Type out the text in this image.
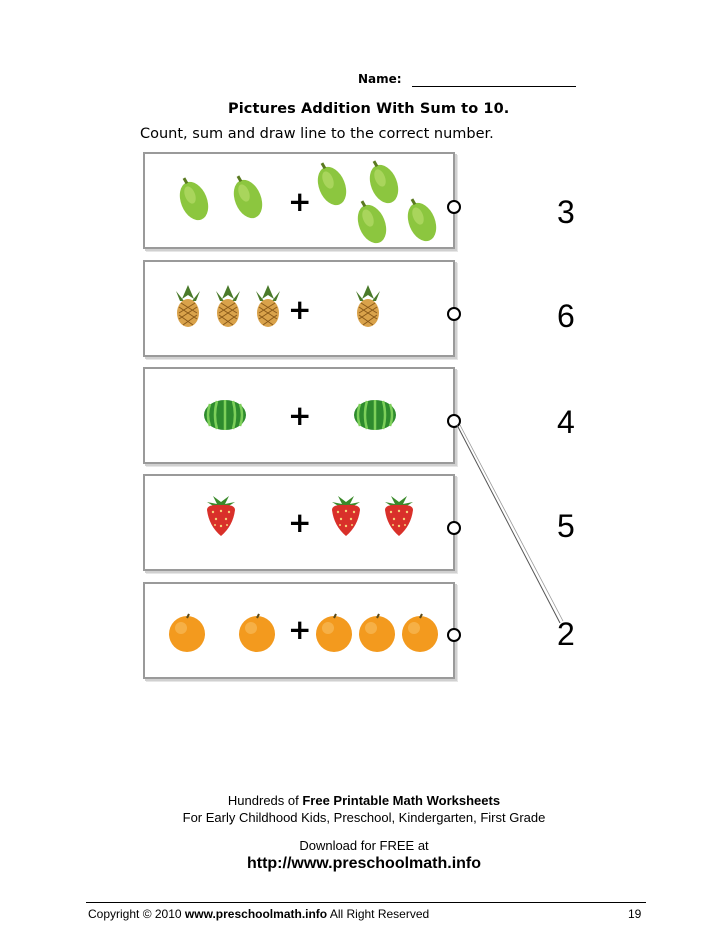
Name:
Pictures Addition With Sum to 10.
Count, sum and draw line to the correct number.
+
+
+
+
+
3
6
4
5
2
Hundreds of Free Printable Math Worksheets
For Early Childhood Kids, Preschool, Kindergarten, First Grade
Download for FREE at
http://www.preschoolmath.info
Copyright © 2010 www.preschoolmath.info All Right Reserved	19
